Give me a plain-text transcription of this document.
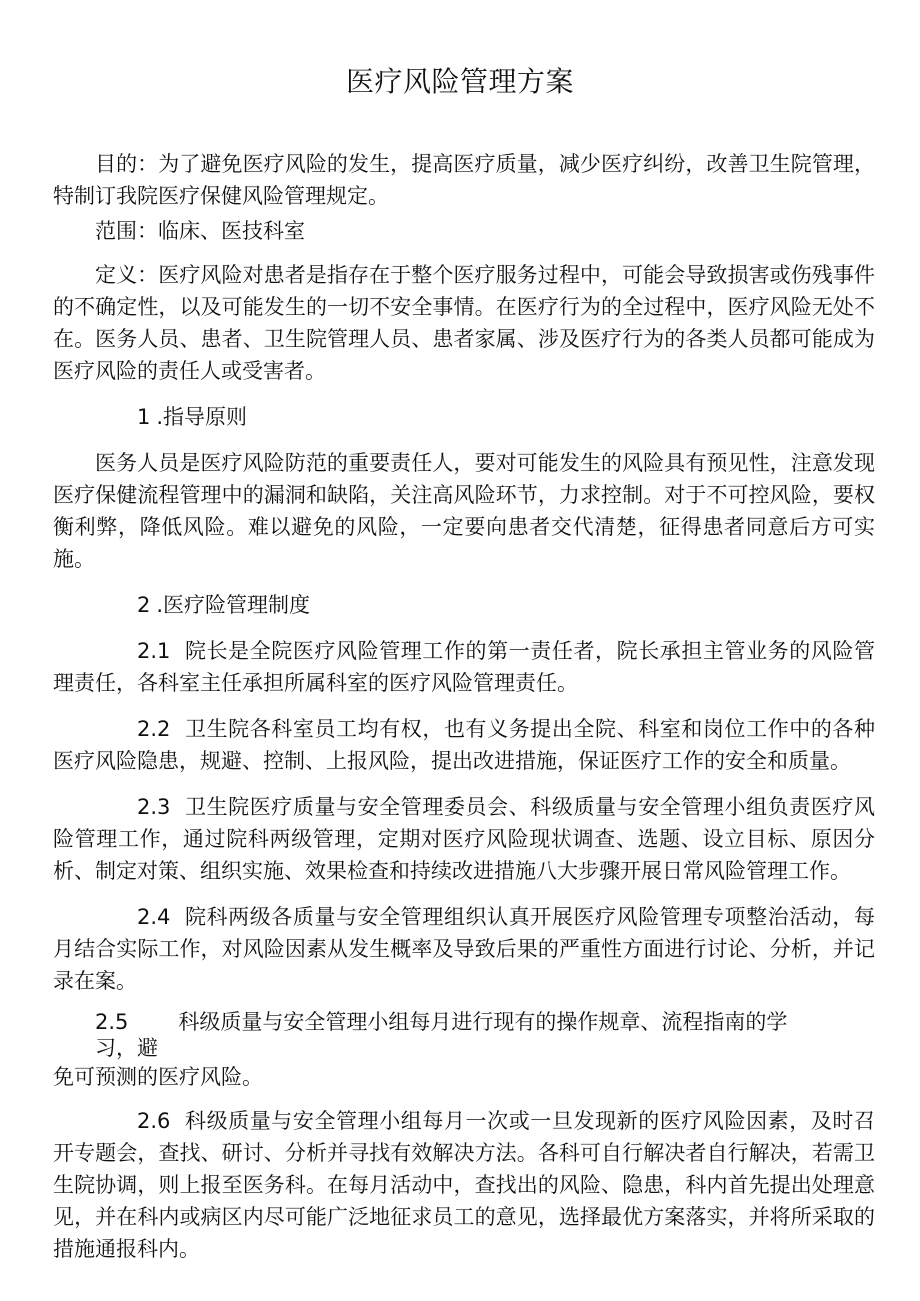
医疗风险管理方案

目的：为了避免医疗风险的发生，提高医疗质量，减少医疗纠纷，改善卫生院管理，特制订我院医疗保健风险管理规定。

范围：临床、医技科室

定义：医疗风险对患者是指存在于整个医疗服务过程中，可能会导致损害或伤残事件的不确定性，以及可能发生的一切不安全事情。在医疗行为的全过程中，医疗风险无处不在。医务人员、患者、卫生院管理人员、患者家属、涉及医疗行为的各类人员都可能成为医疗风险的责任人或受害者。

1 .指导原则

医务人员是医疗风险防范的重要责任人，要对可能发生的风险具有预见性，注意发现医疗保健流程管理中的漏洞和缺陷，关注高风险环节，力求控制。对于不可控风险，要权衡利弊，降低风险。难以避免的风险，一定要向患者交代清楚，征得患者同意后方可实施。

2 .医疗险管理制度

2.1 院长是全院医疗风险管理工作的第一责任者，院长承担主管业务的风险管理责任，各科室主任承担所属科室的医疗风险管理责任。

2.2 卫生院各科室员工均有权，也有义务提出全院、科室和岗位工作中的各种医疗风险隐患，规避、控制、上报风险，提出改进措施，保证医疗工作的安全和质量。

2.3 卫生院医疗质量与安全管理委员会、科级质量与安全管理小组负责医疗风险管理工作，通过院科两级管理，定期对医疗风险现状调查、选题、设立目标、原因分析、制定对策、组织实施、效果检查和持续改进措施八大步骤开展日常风险管理工作。

2.4 院科两级各质量与安全管理组织认真开展医疗风险管理专项整治活动，每月结合实际工作，对风险因素从发生概率及导致后果的严重性方面进行讨论、分析，并记录在案。

2.5 科级质量与安全管理小组每月进行现有的操作规章、流程指南的学

习，避

免可预测的医疗风险。

2.6 科级质量与安全管理小组每月一次或一旦发现新的医疗风险因素，及时召开专题会，查找、研讨、分析并寻找有效解决方法。各科可自行解决者自行解决，若需卫生院协调，则上报至医务科。在每月活动中，查找出的风险、隐患，科内首先提出处理意见，并在科内或病区内尽可能广泛地征求员工的意见，选择最优方案落实，并将所采取的措施通报科内。
